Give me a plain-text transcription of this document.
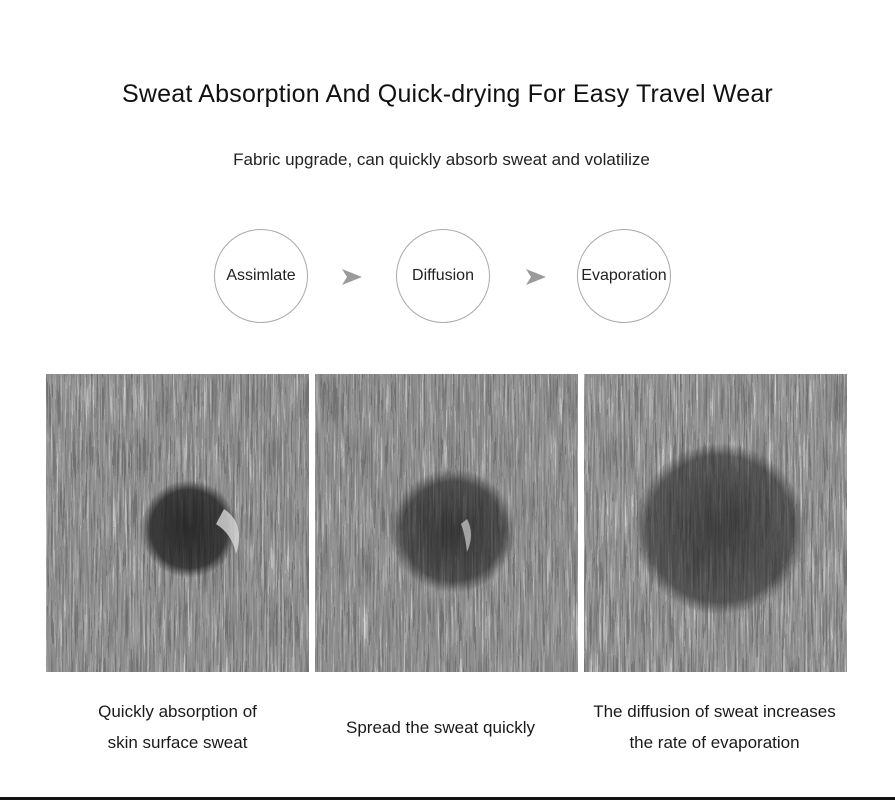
Sweat Absorption And Quick-drying For Easy Travel Wear
Fabric upgrade, can quickly absorb sweat and volatilize
Assimlate	Diffusion	Evaporation
Quickly absorption of
skin surface sweat
Spread the sweat quickly
The diffusion of sweat increases
the rate of evaporation
